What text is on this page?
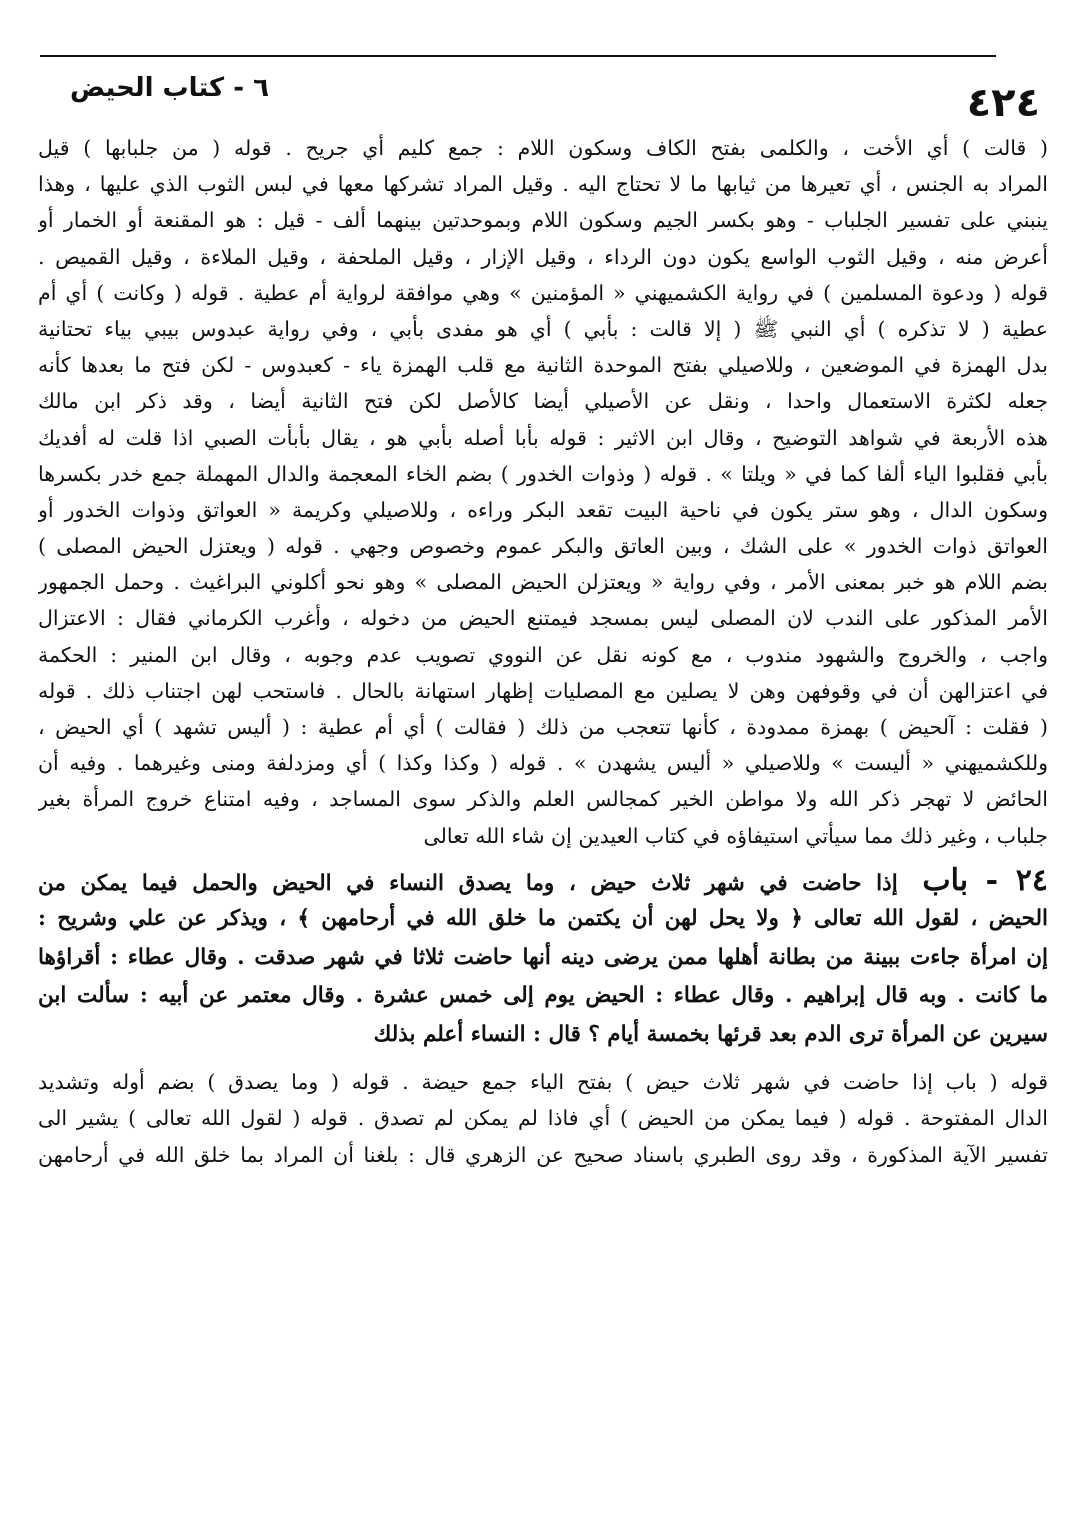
٤٢٤
٦ - كتاب الحيض
( قالت ) أي الأخت ، والكلمى بفتح الكاف وسكون اللام : جمع كليم أي جريح . قوله ( من جلبابها ) قيل
المراد به الجنس ، أي تعيرها من ثيابها ما لا تحتاج اليه . وقيل المراد تشركها معها في لبس الثوب الذي عليها ، وهذا
ينبني على تفسير الجلباب - وهو بكسر الجيم وسكون اللام وبموحدتين بينهما ألف - قيل : هو المقنعة أو الخمار أو
أعرض منه ، وقيل الثوب الواسع يكون دون الرداء ، وقيل الإزار ، وقيل الملحفة ، وقيل الملاءة ، وقيل القميص .
قوله ( ودعوة المسلمين ) في رواية الكشميهني « المؤمنين » وهي موافقة لرواية أم عطية . قوله ( وكانت ) أي أم
عطية ( لا تذكره ) أي النبي ﷺ ( إلا قالت : بأبي ) أي هو مفدى بأبي ، وفي رواية عبدوس بيبي بياء تحتانية
بدل الهمزة في الموضعين ، وللاصيلي بفتح الموحدة الثانية مع قلب الهمزة ياء - كعبدوس - لكن فتح ما بعدها كأنه
جعله لكثرة الاستعمال واحدا ، ونقل عن الأصيلي أيضا كالأصل لكن فتح الثانية أيضا ، وقد ذكر ابن مالك
هذه الأربعة في شواهد التوضيح ، وقال ابن الاثير : قوله بأبا أصله بأبي هو ، يقال بأبأت الصبي اذا قلت له أفديك
بأبي فقلبوا الياء ألفا كما في « ويلتا » . قوله ( وذوات الخدور ) بضم الخاء المعجمة والدال المهملة جمع خدر بكسرها
وسكون الدال ، وهو ستر يكون في ناحية البيت تقعد البكر وراءه ، وللاصيلي وكريمة « العواتق وذوات الخدور أو
العواتق ذوات الخدور » على الشك ، وبين العاتق والبكر عموم وخصوص وجهي . قوله ( ويعتزل الحيض المصلى )
بضم اللام هو خبر بمعنى الأمر ، وفي رواية « ويعتزلن الحيض المصلى » وهو نحو أكلوني البراغيث . وحمل الجمهور
الأمر المذكور على الندب لان المصلى ليس بمسجد فيمتنع الحيض من دخوله ، وأغرب الكرماني فقال : الاعتزال
واجب ، والخروج والشهود مندوب ، مع كونه نقل عن النووي تصويب عدم وجوبه ، وقال ابن المنير : الحكمة
في اعتزالهن أن في وقوفهن وهن لا يصلين مع المصليات إظهار استهانة بالحال . فاستحب لهن اجتناب ذلك . قوله
( فقلت : آلحيض ) بهمزة ممدودة ، كأنها تتعجب من ذلك ( فقالت ) أي أم عطية : ( أليس تشهد ) أي الحيض ،
وللكشميهني « أليست » وللاصيلي « أليس يشهدن » . قوله ( وكذا وكذا ) أي ومزدلفة ومنى وغيرهما . وفيه أن
الحائض لا تهجر ذكر الله ولا مواطن الخير كمجالس العلم والذكر سوى المساجد ، وفيه امتناع خروج المرأة بغير
جلباب ، وغير ذلك مما سيأتي استيفاؤه في كتاب العيدين إن شاء الله تعالى
٢٤ - باب إذا حاضت في شهر ثلاث حيض ، وما يصدق النساء في الحيض والحمل فيما يمكن من
الحيض ، لقول الله تعالى ﴿ ولا يحل لهن أن يكتمن ما خلق الله في أرحامهن ﴾ ، ويذكر عن علي وشريح :
إن امرأة جاءت ببينة من بطانة أهلها ممن يرضى دينه أنها حاضت ثلاثا في شهر صدقت . وقال عطاء : أقراؤها
ما كانت . وبه قال إبراهيم . وقال عطاء : الحيض يوم إلى خمس عشرة . وقال معتمر عن أبيه : سألت ابن
سيرين عن المرأة ترى الدم بعد قرئها بخمسة أيام ؟ قال : النساء أعلم بذلك
قوله ( باب إذا حاضت في شهر ثلاث حيض ) بفتح الياء جمع حيضة . قوله ( وما يصدق ) بضم أوله وتشديد
الدال المفتوحة . قوله ( فيما يمكن من الحيض ) أي فاذا لم يمكن لم تصدق . قوله ( لقول الله تعالى ) يشير الى
تفسير الآية المذكورة ، وقد روى الطبري باسناد صحيح عن الزهري قال : بلغنا أن المراد بما خلق الله في أرحامهن
